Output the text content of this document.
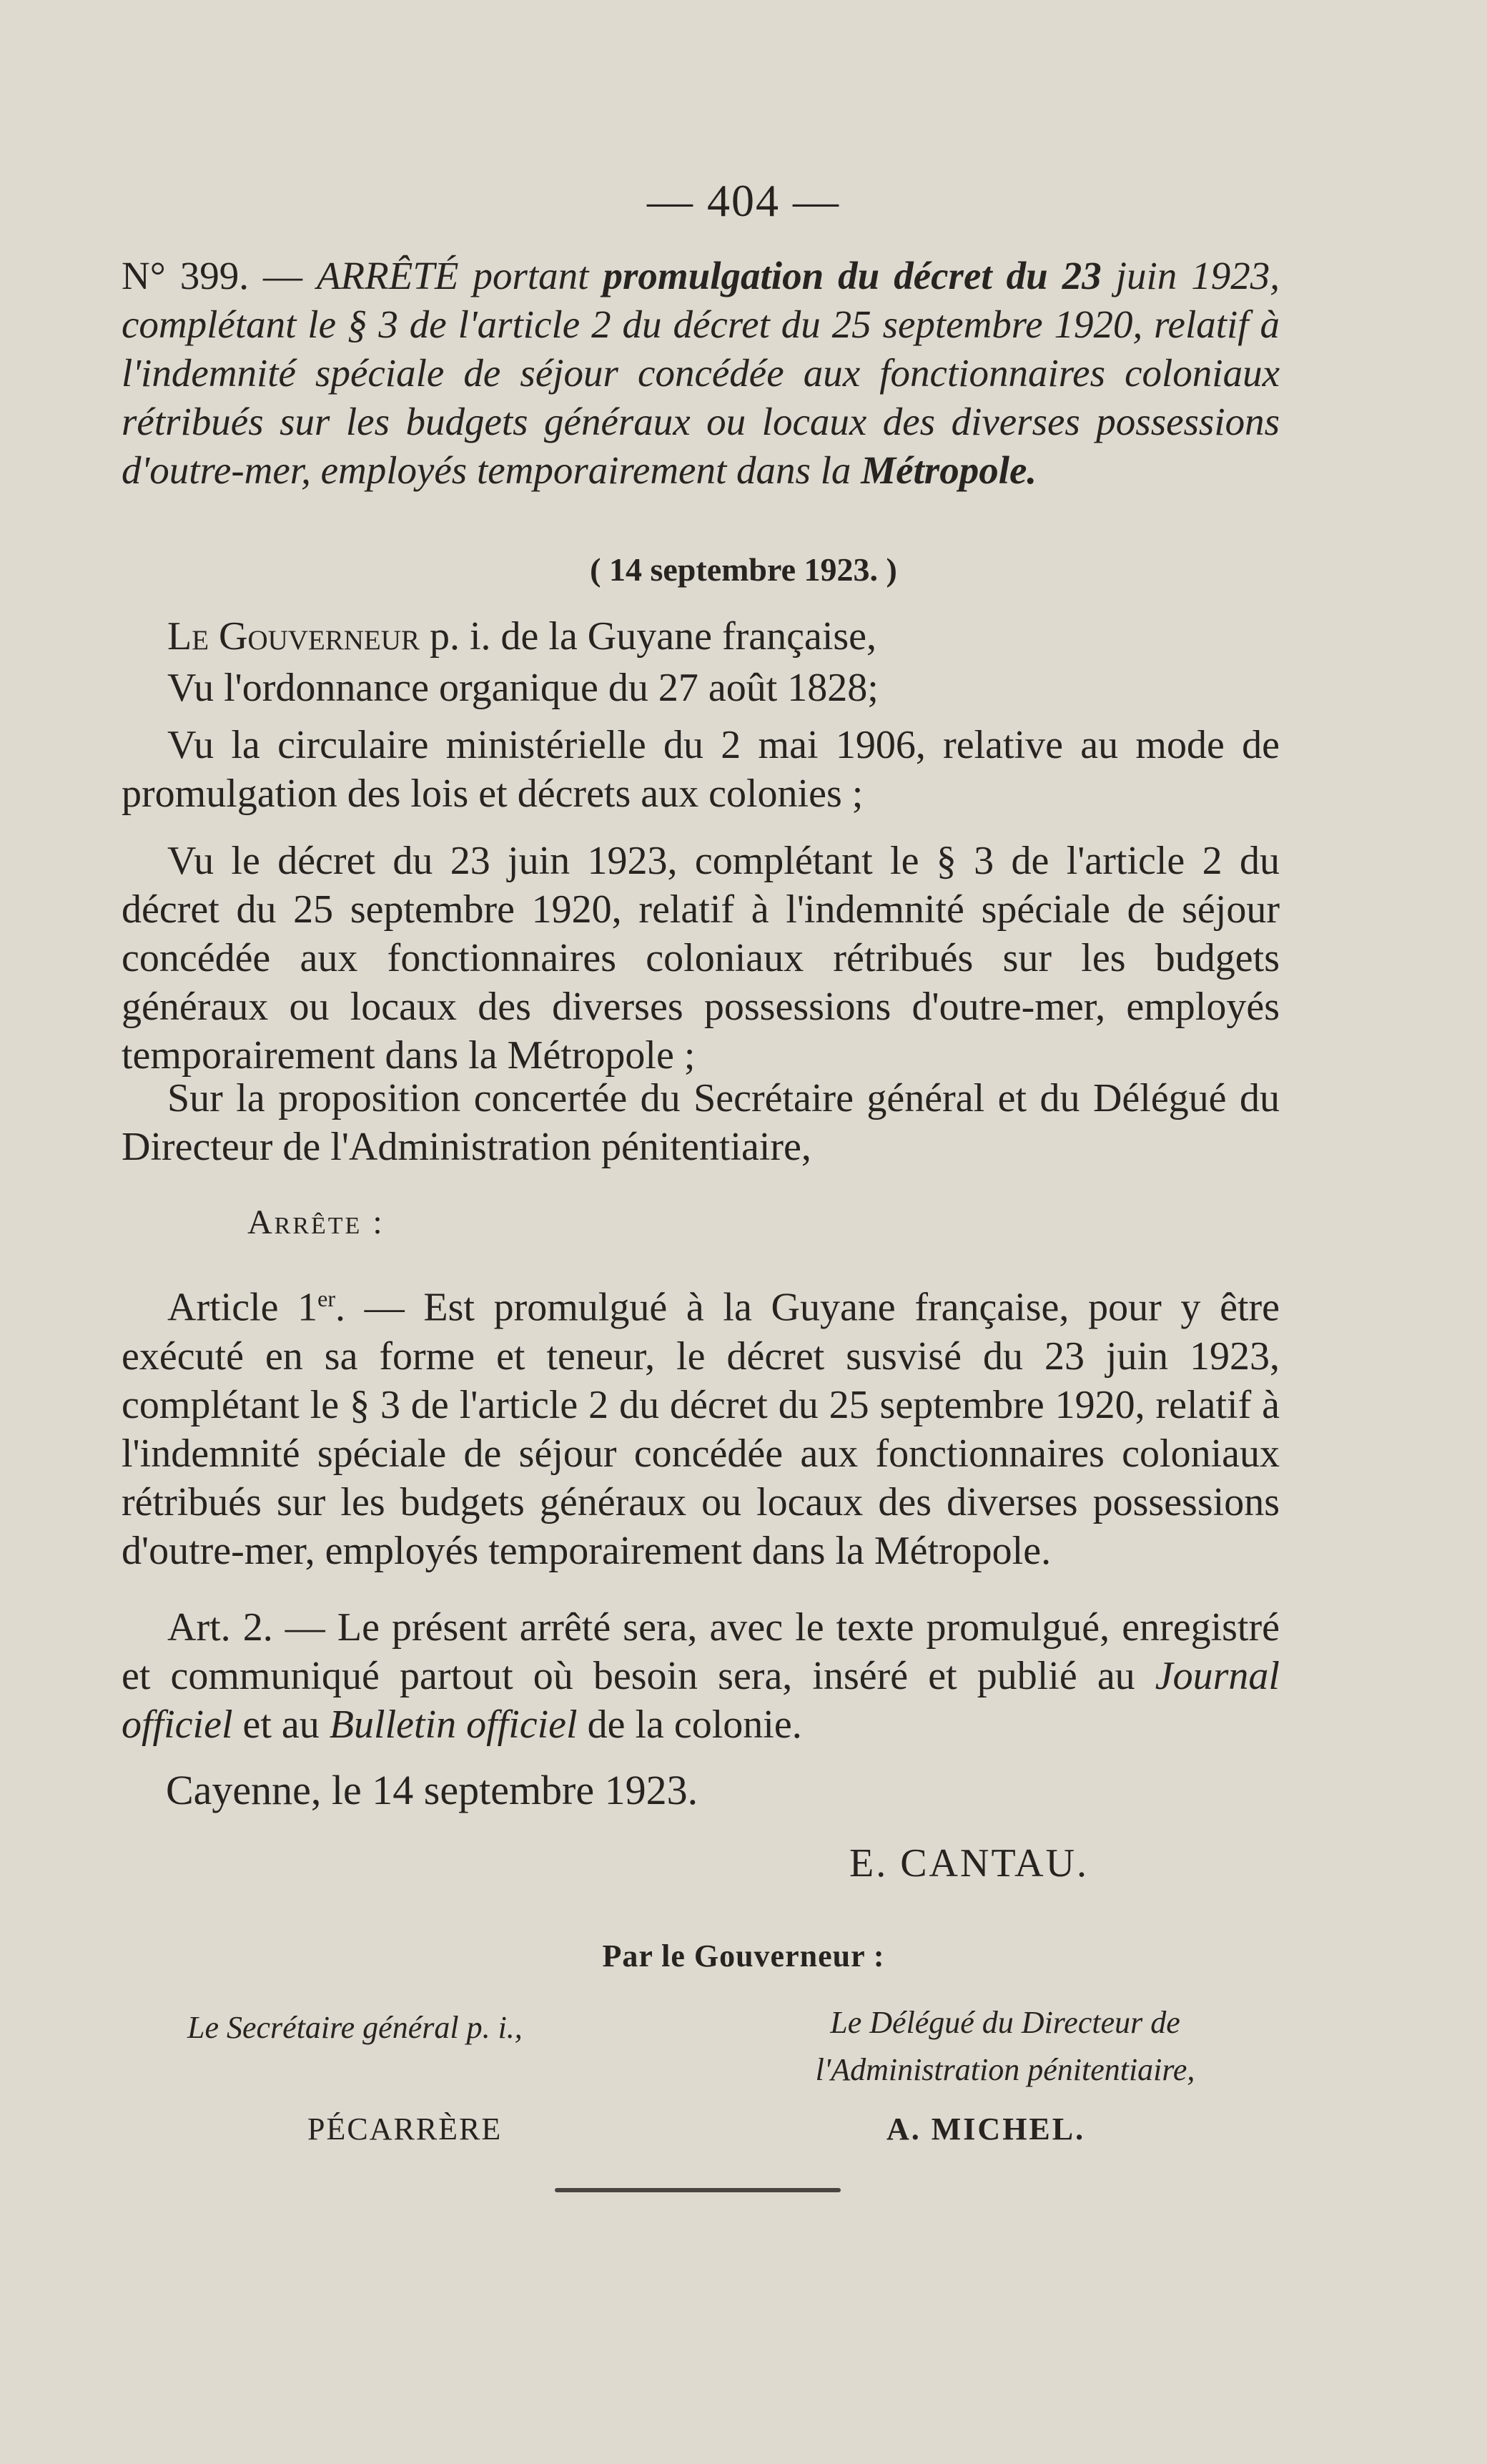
— 404 —
N° 399. — ARRÊTÉ portant promulgation du décret du 23 juin 1923, complétant le § 3 de l'article 2 du décret du 25 septembre 1920, relatif à l'indemnité spéciale de séjour concédée aux fonctionnaires coloniaux rétribués sur les budgets généraux ou locaux des diverses possessions d'outre-mer, employés temporairement dans la Métropole.
( 14 septembre 1923. )

Le Gouverneur p. i. de la Guyane française,

Vu l'ordonnance organique du 27 août 1828;

Vu la circulaire ministérielle du 2 mai 1906, relative au mode de promulgation des lois et décrets aux colonies ;

Vu le décret du 23 juin 1923, complétant le § 3 de l'article 2 du décret du 25 septembre 1920, relatif à l'indemnité spéciale de séjour concédée aux fonctionnaires coloniaux rétribués sur les budgets généraux ou locaux des diverses possessions d'outre-mer, employés temporairement dans la Métropole ;

Sur la proposition concertée du Secrétaire général et du Délégué du Directeur de l'Administration pénitentiaire,

Arrête :

Article 1er. — Est promulgué à la Guyane française, pour y être exécuté en sa forme et teneur, le décret susvisé du 23 juin 1923, complétant le § 3 de l'article 2 du décret du 25 septembre 1920, relatif à l'indemnité spéciale de séjour concédée aux fonctionnaires coloniaux rétribués sur les budgets généraux ou locaux des diverses possessions d'outre-mer, employés temporairement dans la Métropole.

Art. 2. — Le présent arrêté sera, avec le texte promulgué, enregistré et communiqué partout où besoin sera, inséré et publié au Journal officiel et au Bulletin officiel de la colonie.

Cayenne, le 14 septembre 1923.
E. CANTAU.
Par le Gouverneur :
Le Secrétaire général p. i.,	Le Délégué du Directeur de
l'Administration pénitentiaire,
PÉCARRÈRE	A. MICHEL.
